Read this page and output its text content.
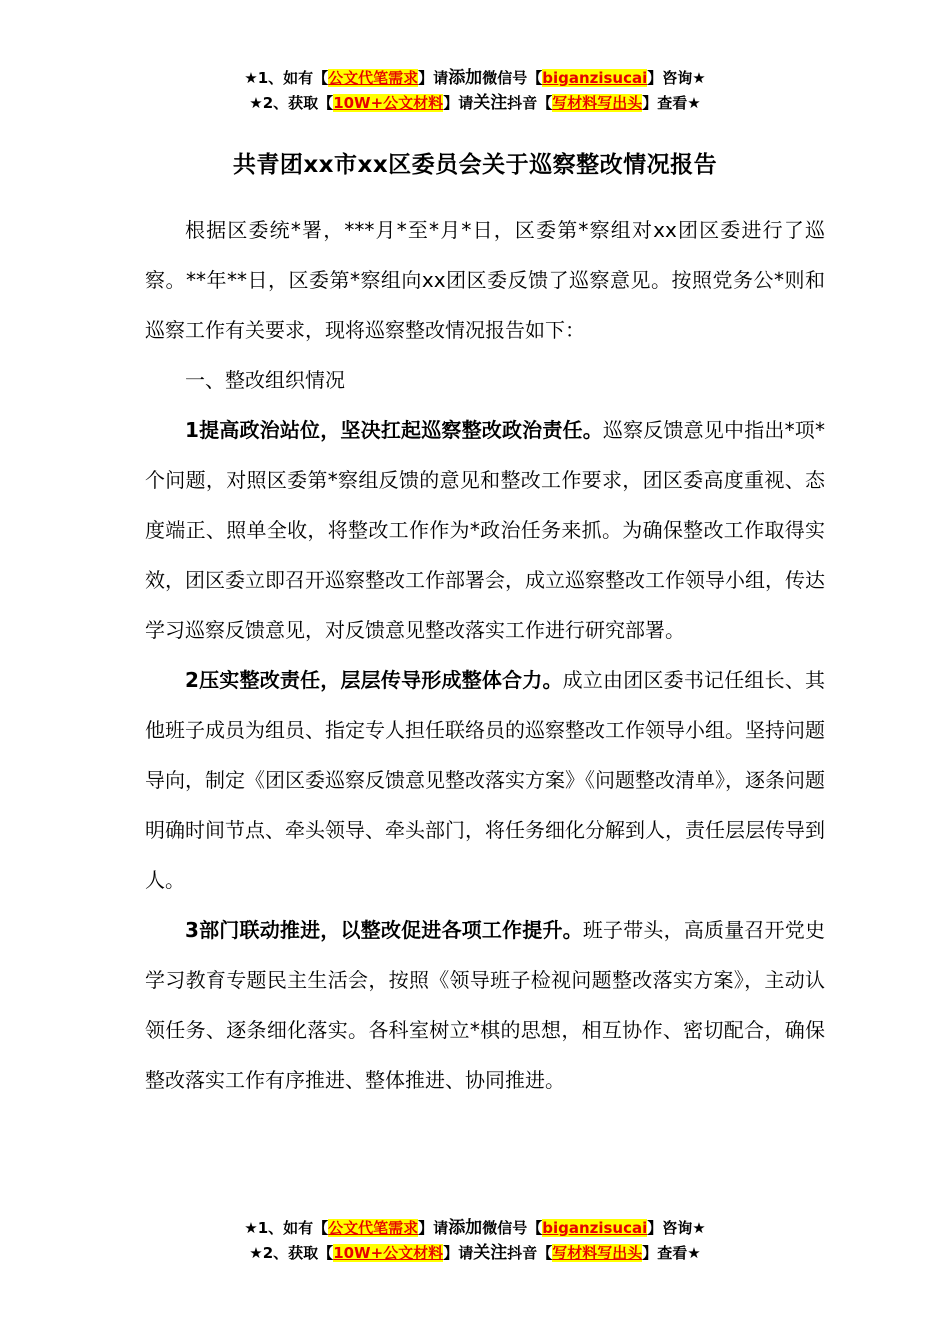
★1、如有【公文代笔需求】请添加微信号【biganzisucai】咨询★
★2、获取【10W+公文材料】请关注抖音【写材料写出头】查看★
共青团xx市xx区委员会关于巡察整改情况报告

根据区委统*署，***月*至*月*日，区委第*察组对xx团区委进行了巡察。**年**日，区委第*察组向xx团区委反馈了巡察意见。按照党务公*则和巡察工作有关要求，现将巡察整改情况报告如下：

一、整改组织情况

1提高政治站位，坚决扛起巡察整改政治责任。巡察反馈意见中指出*项*个问题，对照区委第*察组反馈的意见和整改工作要求，团区委高度重视、态度端正、照单全收，将整改工作作为*政治任务来抓。为确保整改工作取得实效，团区委立即召开巡察整改工作部署会，成立巡察整改工作领导小组，传达学习巡察反馈意见，对反馈意见整改落实工作进行研究部署。

2压实整改责任，层层传导形成整体合力。成立由团区委书记任组长、其他班子成员为组员、指定专人担任联络员的巡察整改工作领导小组。坚持问题导向，制定《团区委巡察反馈意见整改落实方案》《问题整改清单》，逐条问题明确时间节点、牵头领导、牵头部门，将任务细化分解到人，责任层层传导到人。

3部门联动推进，以整改促进各项工作提升。班子带头，高质量召开党史学习教育专题民主生活会，按照《领导班子检视问题整改落实方案》，主动认领任务、逐条细化落实。各科室树立*棋的思想，相互协作、密切配合，确保整改落实工作有序推进、整体推进、协同推进。

★1、如有【公文代笔需求】请添加微信号【biganzisucai】咨询★
★2、获取【10W+公文材料】请关注抖音【写材料写出头】查看★
